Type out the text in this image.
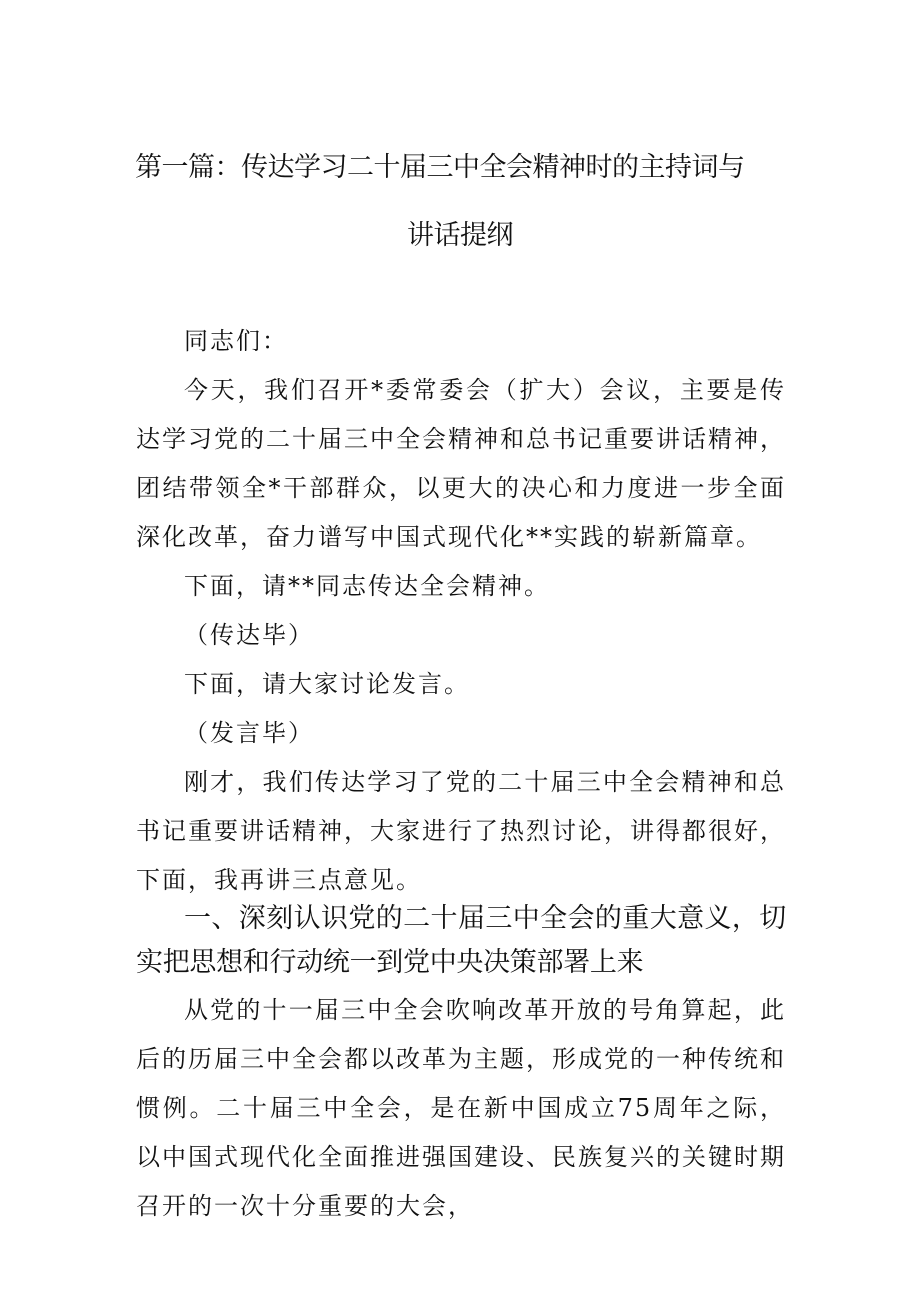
第一篇：传达学习二十届三中全会精神时的主持词与
讲话提纲

同志们：

今天，我们召开*委常委会（扩大）会议，主要是传达学习党的二十届三中全会精神和总书记重要讲话精神，团结带领全*干部群众，以更大的决心和力度进一步全面深化改革，奋力谱写中国式现代化**实践的崭新篇章。

下面，请**同志传达全会精神。

（传达毕）

下面，请大家讨论发言。

（发言毕）

刚才，我们传达学习了党的二十届三中全会精神和总书记重要讲话精神，大家进行了热烈讨论，讲得都很好，下面，我再讲三点意见。

一、深刻认识党的二十届三中全会的重大意义，切实把思想和行动统一到党中央决策部署上来

从党的十一届三中全会吹响改革开放的号角算起，此后的历届三中全会都以改革为主题，形成党的一种传统和惯例。二十届三中全会，是在新中国成立75周年之际，以中国式现代化全面推进强国建设、民族复兴的关键时期召开的一次十分重要的大会，
